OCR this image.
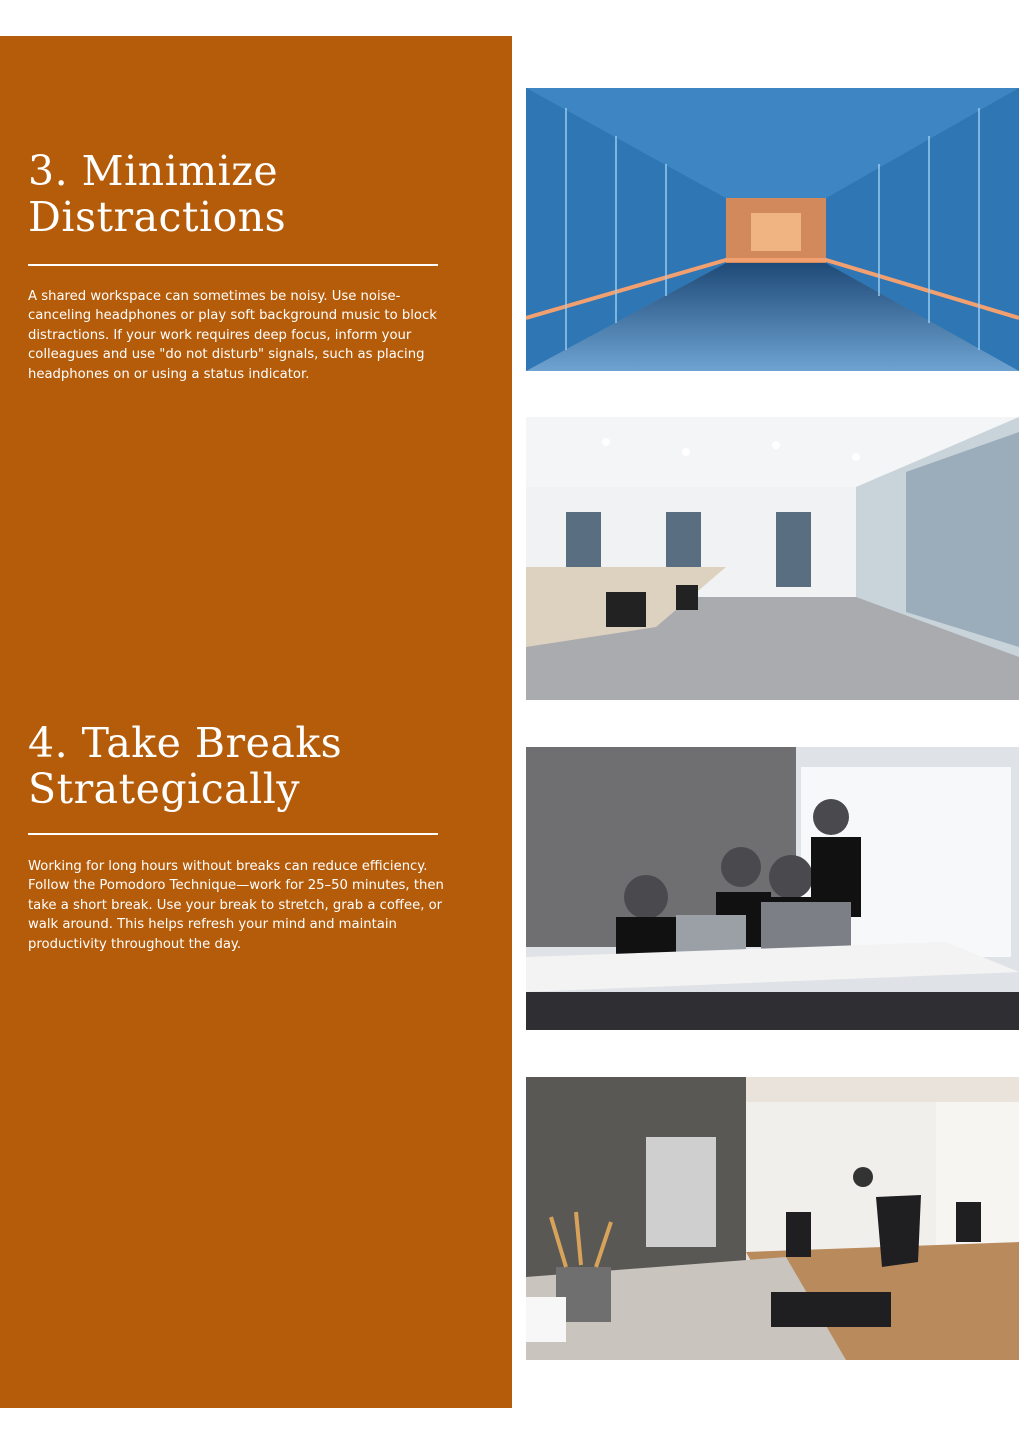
3. Minimize
Distractions

A shared workspace can sometimes be noisy. Use noise-canceling headphones or play soft background music to block distractions. If your work requires deep focus, inform your colleagues and use "do not disturb" signals, such as placing headphones on or using a status indicator.

4. Take Breaks
Strategically

Working for long hours without breaks can reduce efficiency. Follow the Pomodoro Technique—work for 25–50 minutes, then take a short break. Use your break to stretch, grab a coffee, or walk around. This helps refresh your mind and maintain productivity throughout the day.
